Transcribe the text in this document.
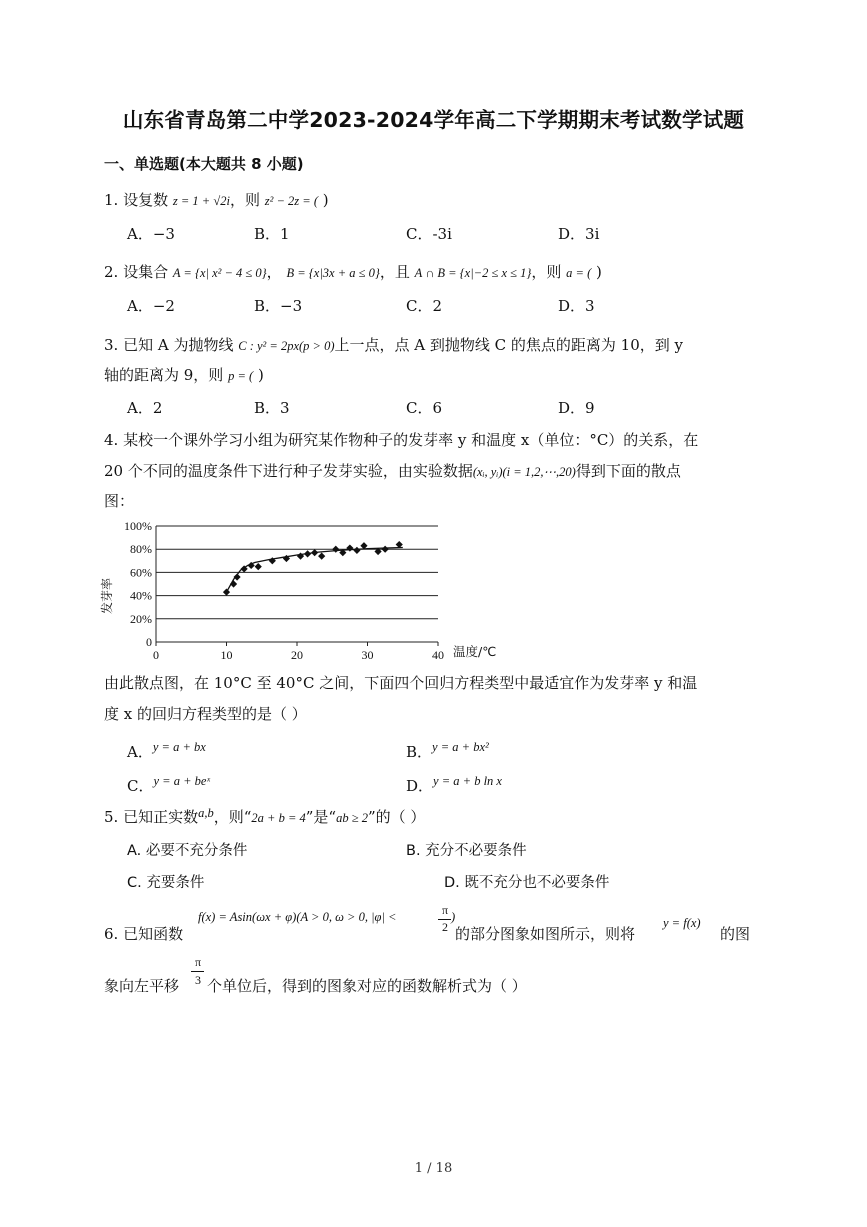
山东省青岛第二中学2023-2024学年高二下学期期末考试数学试题
一、单选题(本大题共 8 小题)
1. 设复数 z = 1 + √2i，则 z² − 2z = ( )
A．−3	B．1	C．-3i	D．3i
2. 设集合 A = {x| x² − 4 ≤ 0}， B = {x|3x + a ≤ 0}，且 A ∩ B = {x|−2 ≤ x ≤ 1}，则 a = ( )
A．−2	B．−3	C．2	D．3
3. 已知 A 为抛物线 C : y² = 2px(p > 0)上一点，点 A 到抛物线 C 的焦点的距离为 10，到 y
轴的距离为 9，则 p = ( )
A．2	B．3	C．6	D．9
4. 某校一个课外学习小组为研究某作物种子的发芽率 y 和温度 x（单位：°C）的关系，在
20 个不同的温度条件下进行种子发芽实验，由实验数据(xᵢ, yᵢ)(i = 1,2,⋯,20)得到下面的散点
图：
0
20%
40%
60%
80%
100%
0	10	20	30	40
发芽率
温度/℃
由此散点图，在 10°C 至 40°C 之间，下面四个回归方程类型中最适宜作为发芽率 y 和温
度 x 的回归方程类型的是（ ）
A．$^{y = a + bx}$	B．$^{y = a + bx^2}$
C．$^{y = a + beˣ}$	D．$^{y = a + b ln x}$
5. 已知正实数$^{a,b}$，则“2a + b = 4”是“ab ≥ 2”的（ ）
A. 必要不充分条件	B. 充分不必要条件
C. 充要条件	D. 既不充分也不必要条件
6. 已知函数
f(x) = Asin(ωx + φ)(A > 0, ω > 0, |φ| <	π
2
)
的部分图象如图所示，则将
y = f(x)
的图
象向左平移
π
3 个单位后，得到的图象对应的函数解析式为（ ）
1 / 18
